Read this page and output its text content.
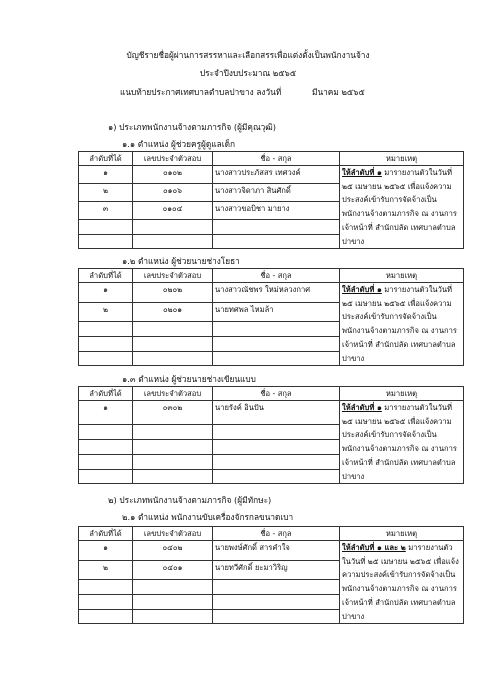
บัญชีรายชื่อผู้ผ่านการสรรหาและเลือกสรรเพื่อแต่งตั้งเป็นพนักงานจ้าง
ประจำปีงบประมาณ ๒๕๖๕
แนบท้ายประกาศเทศบาลตำบลปาขาง ลงวันที่	มีนาคม ๒๕๖๕
๑) ประเภทพนักงานจ้างตามภารกิจ (ผู้มีคุณวุฒิ)
๑.๑ ตำแหน่ง ผู้ช่วยครูผู้ดูแลเด็ก
ลำดับที่ได้	เลขประจำตัวสอบ	ชื่อ - สกุล	หมายเหตุ
๑	๐๑๐๒	นางสาวประภัสสร เทศวงค์	ให้ลำดับที่ ๑ มารายงานตัวในวันที่ ๒๕ เมษายน ๒๕๖๕ เพื่อแจ้งความประสงค์เข้ารับการจัดจ้างเป็นพนักงานจ้างตามภารกิจ ณ งานการเจ้าหน้าที่ สำนักปลัด เทศบาลตำบลปาขาง
๒	๐๑๐๖	นางสาวจิดาภา สินศักดิ์	
๓	๐๑๐๔	นางสาวขอบิชา มายาง	

๑.๒ ตำแหน่ง ผู้ช่วยนายช่างโยธา
ลำดับที่ได้	เลขประจำตัวสอบ	ชื่อ - สกุล	หมายเหตุ
๑	๐๒๐๒	นางสาวณัชพร ใหม่หลวงกาศ	ให้ลำดับที่ ๑ มารายงานตัวในวันที่ ๒๕ เมษายน ๒๕๖๕ เพื่อแจ้งความประสงค์เข้ารับการจัดจ้างเป็นพนักงานจ้างตามภารกิจ ณ งานการเจ้าหน้าที่ สำนักปลัด เทศบาลตำบลปาขาง
๒	๐๒๐๑	นายทศพล ไหมล้า	

๑.๓ ตำแหน่ง ผู้ช่วยนายช่างเขียนแบบ
ลำดับที่ได้	เลขประจำตัวสอบ	ชื่อ - สกุล	หมายเหตุ
๑	๐๓๐๒	นายรังค์ อินปัน	ให้ลำดับที่ ๑ มารายงานตัวในวันที่ ๒๕ เมษายน ๒๕๖๕ เพื่อแจ้งความประสงค์เข้ารับการจัดจ้างเป็นพนักงานจ้างตามภารกิจ ณ งานการเจ้าหน้าที่ สำนักปลัด เทศบาลตำบลปาขาง

๒) ประเภทพนักงานจ้างตามภารกิจ (ผู้มีทักษะ)
๒.๑ ตำแหน่ง พนักงานขับเครื่องจักรกลขนาดเบา
ลำดับที่ได้	เลขประจำตัวสอบ	ชื่อ - สกุล	หมายเหตุ
๑	๐๔๐๒	นายพงษ์ศักดิ์ สารคำใจ	ให้ลำดับที่ ๑ และ ๒ มารายงานตัวในวันที่ ๒๕ เมษายน ๒๕๖๕ เพื่อแจ้งความประสงค์เข้ารับการจัดจ้างเป็นพนักงานจ้างตามภารกิจ ณ งานการเจ้าหน้าที่ สำนักปลัด เทศบาลตำบลปาขาง
๒	๐๔๐๑	นายทวีศักดิ์ ยะมาวิริญ	
